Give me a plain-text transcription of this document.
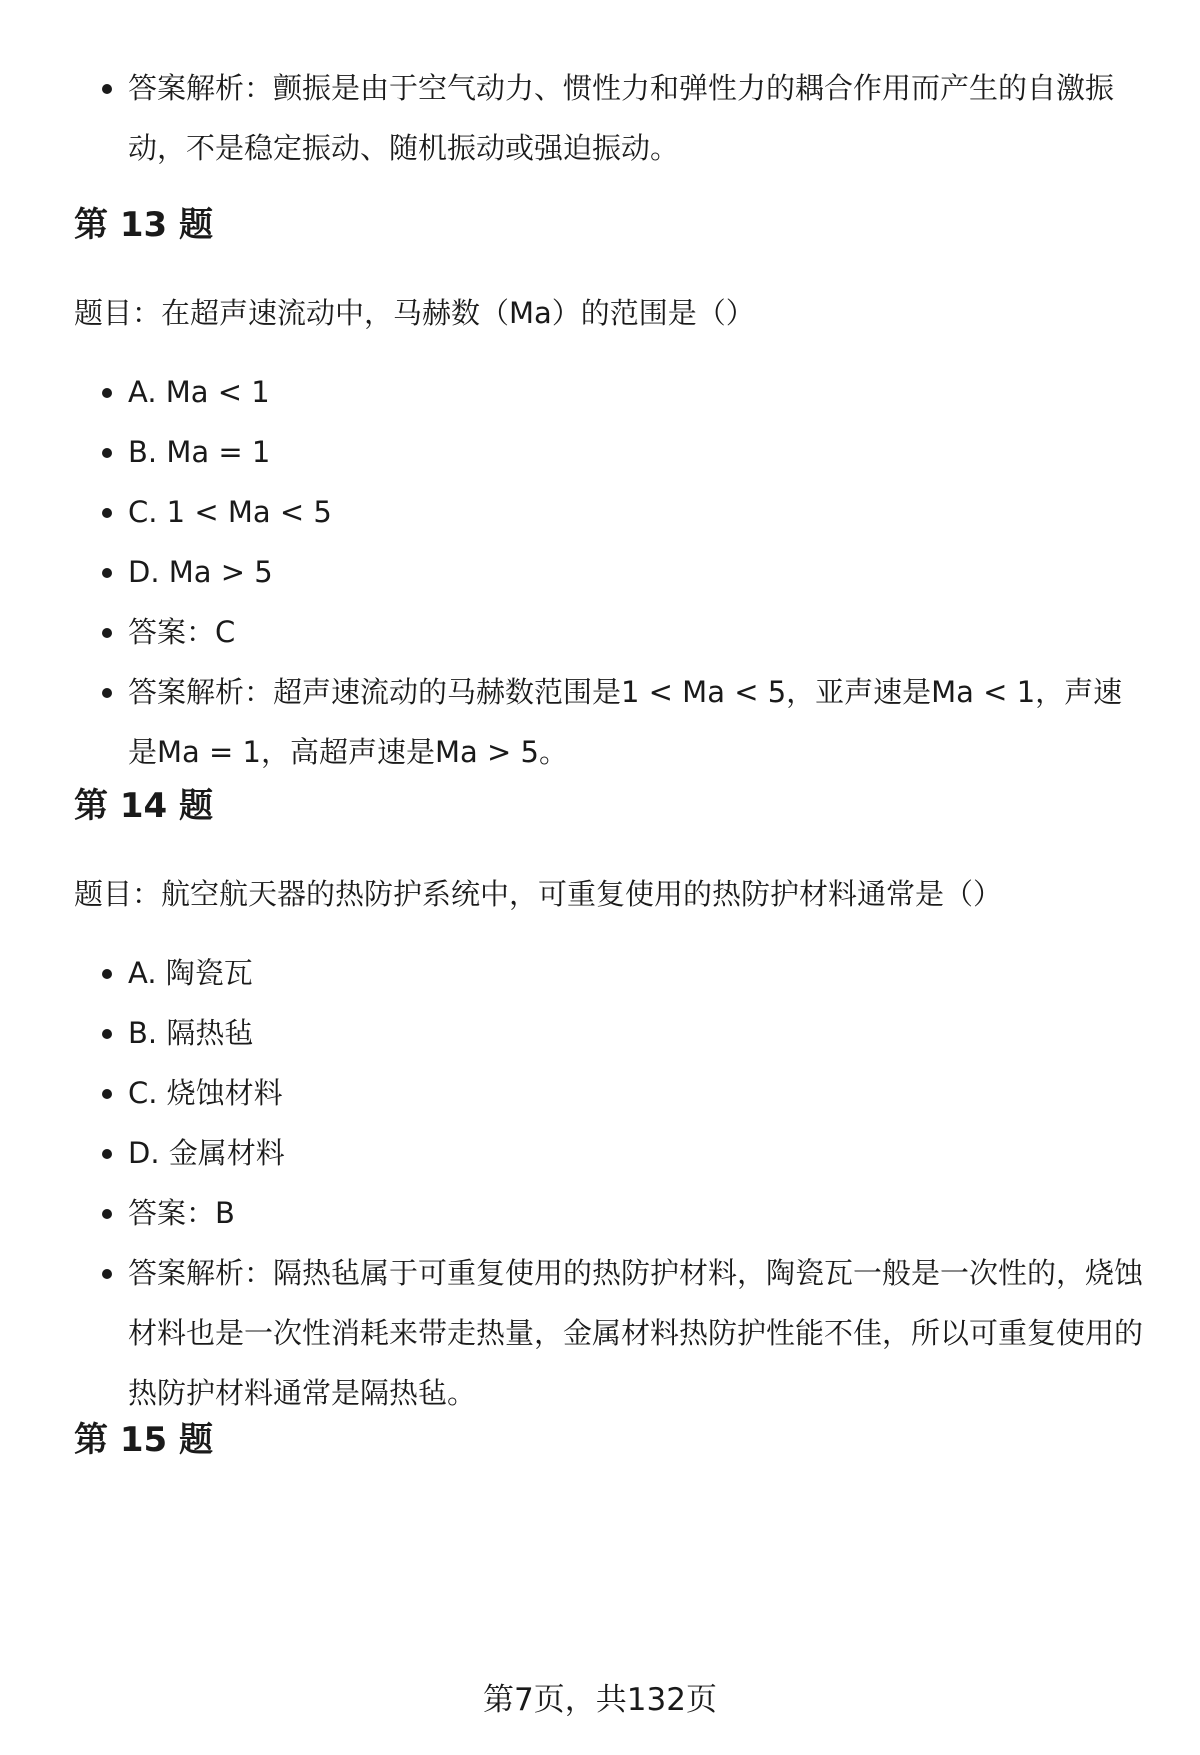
答案解析：颤振是由于空气动力、惯性力和弹性力的耦合作用而产生的自激振动，不是稳定振动、随机振动或强迫振动。
第 13 题
题目：在超声速流动中，马赫数（Ma）的范围是（）
A. Ma < 1
B. Ma = 1
C. 1 < Ma < 5
D. Ma > 5
答案：C
答案解析：超声速流动的马赫数范围是1 < Ma < 5，亚声速是Ma < 1，声速是Ma = 1，高超声速是Ma > 5。
第 14 题
题目：航空航天器的热防护系统中，可重复使用的热防护材料通常是（）
A. 陶瓷瓦
B. 隔热毡
C. 烧蚀材料
D. 金属材料
答案：B
答案解析：隔热毡属于可重复使用的热防护材料，陶瓷瓦一般是一次性的，烧蚀材料也是一次性消耗来带走热量，金属材料热防护性能不佳，所以可重复使用的热防护材料通常是隔热毡。
第 15 题
第7页，共132页
